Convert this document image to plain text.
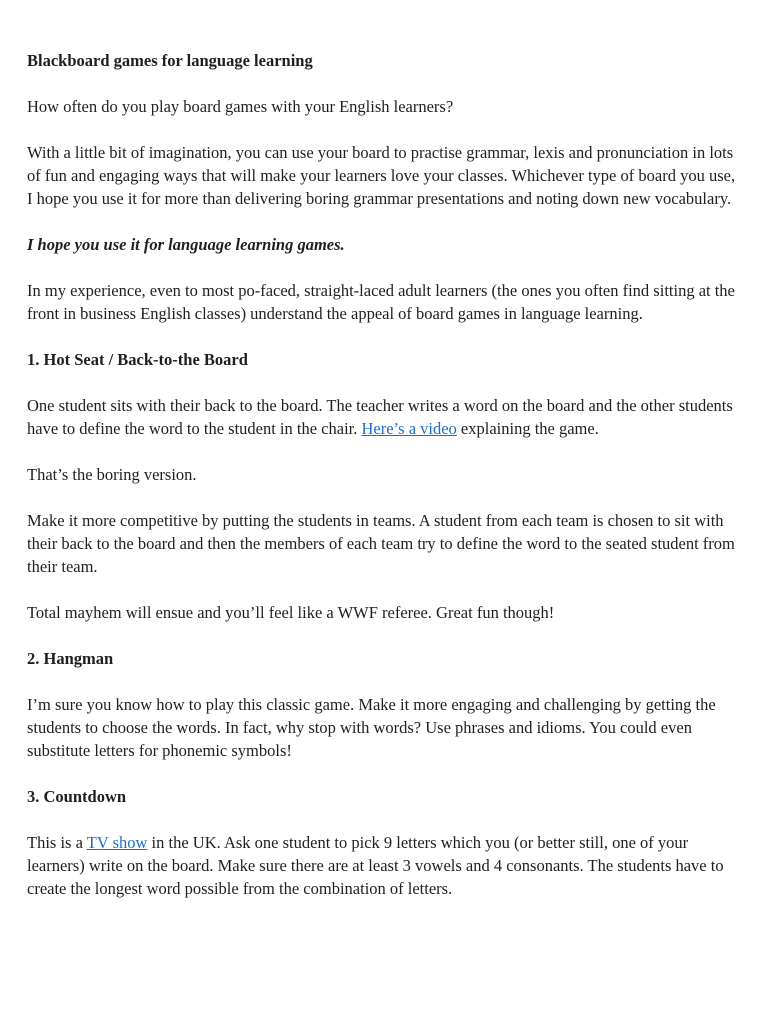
Blackboard games for language learning

How often do you play board games with your English learners?

With a little bit of imagination, you can use your board to practise grammar, lexis and pronunciation in lots of fun and engaging ways that will make your learners love your classes. Whichever type of board you use, I hope you use it for more than delivering boring grammar presentations and noting down new vocabulary.

I hope you use it for language learning games.

In my experience, even to most po-faced, straight-laced adult learners (the ones you often find sitting at the front in business English classes) understand the appeal of board games in language learning.

1. Hot Seat / Back-to-the Board

One student sits with their back to the board. The teacher writes a word on the board and the other students have to define the word to the student in the chair. Here’s a video explaining the game.

That’s the boring version.

Make it more competitive by putting the students in teams. A student from each team is chosen to sit with their back to the board and then the members of each team try to define the word to the seated student from their team.

Total mayhem will ensue and you’ll feel like a WWF referee. Great fun though!

2. Hangman

I’m sure you know how to play this classic game. Make it more engaging and challenging by getting the students to choose the words. In fact, why stop with words? Use phrases and idioms. You could even substitute letters for phonemic symbols!

3. Countdown

This is a TV show in the UK. Ask one student to pick 9 letters which you (or better still, one of your learners) write on the board. Make sure there are at least 3 vowels and 4 consonants. The students have to create the longest word possible from the combination of letters.
